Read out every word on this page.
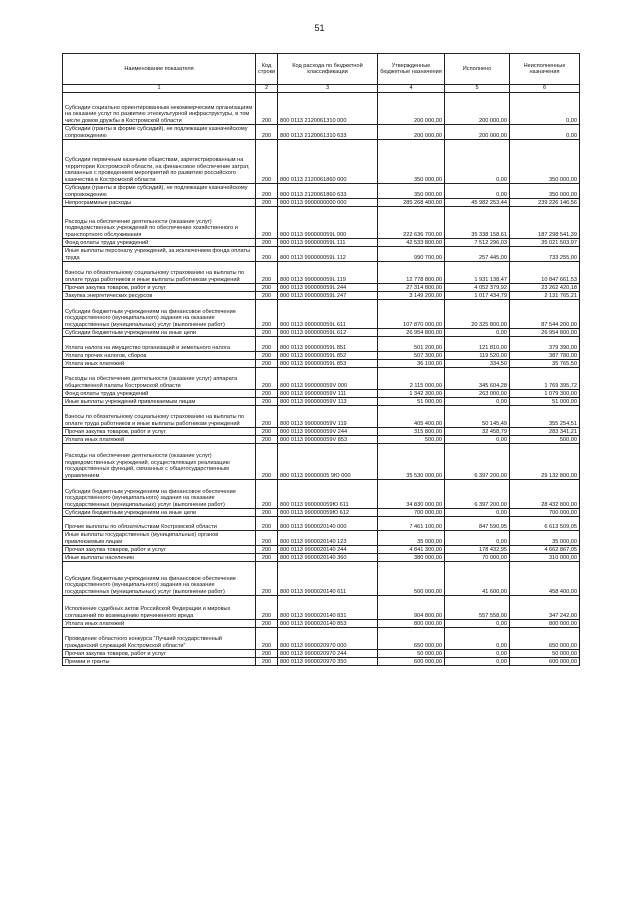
51
Наименование показателя	Код строки	Код расхода по бюджетной классификации	Утвержденные бюджетные назначения	Исполнено	Неисполненные назначения
1	2	3	4	5	6
Субсидии социально ориентированным некоммерческим организациям на оказание услуг по развитию этнокультурной инфраструктуры, в том числе домов дружбы в Костромской области	200	800 0113 2120061310 000	200 000,00	200 000,00	0,00
Субсидии (гранты в форме субсидий), не подлежащие казначейскому сопровождению	200	800 0113 2120061310 633	200 000,00	200 000,00	0,00
Субсидии первичным казачьим обществам, зарегистрированным на территории Костромской области, на финансовое обеспечение затрат, связанных с проведением мероприятий по развитию российского казачества в Костромской области	200	800 0113 2120061860 000	350 000,00	0,00	350 000,00
Субсидии (гранты в форме субсидий), не подлежащие казначейскому сопровождению	200	800 0113 2120061860 633	350 000,00	0,00	350 000,00
Непрограммные расходы	200	800 0113 9900000000 000	285 268 400,00	45 982 253,44	239 226 146,56
Расходы на обеспечение деятельности (оказание услуг) подведомственных учреждений по обеспечению хозяйственного и транспортного обслуживания	200	800 0113 990000059L 000	222 636 700,00	35 338 158,61	187 298 541,39
Фонд оплаты труда учреждений	200	800 0113 990000059L 111	42 533 800,00	7 512 296,03	35 021 503,97
Иные выплаты персоналу учреждений, за исключением фонда оплаты труда	200	800 0113 990000059L 112	990 700,00	257 445,00	733 255,00
Взносы по обязательному социальному страхованию на выплаты по оплате труда работников и иные выплаты работникам учреждений	200	800 0113 990000059L 119	12 778 800,00	1 931 138,47	10 847 661,53
Прочая закупка товаров, работ и услуг	200	800 0113 990000059L 244	27 314 800,00	4 052 379,92	23 262 420,18
Закупка энергетических ресурсов	200	800 0113 990000059L 247	3 149 200,00	1 017 434,79	2 131 765,21
Субсидии бюджетным учреждениям на финансовое обеспечение государственного (муниципального) задания на оказание государственных (муниципальных) услуг (выполнение работ)	200	800 0113 990000059L 611	107 870 000,00	20 325 800,00	87 544 200,00
Субсидии бюджетным учреждениям на иные цели	200	800 0113 990000059L 612	26 954 800,00	0,00	26 954 800,00
Уплата налога на имущество организаций и земельного налога	200	800 0113 990000059L 851	501 200,00	121 810,00	379 390,00
Уплата прочих налогов, сборов	200	800 0113 990000059L 852	507 300,00	119 520,00	387 780,00
Уплата иных платежей	200	800 0113 990000059L 853	36 100,00	334,50	35 765,50
Расходы на обеспечение деятельности (оказание услуг) аппарата общественной палаты Костромской области	200	800 0113 990000059V 000	2 115 000,00	345 604,28	1 769 395,72
Фонд оплаты труда учреждений	200	800 0113 990000059V 111	1 342 300,00	263 000,00	1 079 300,00
Иные выплаты учреждений привлекаемым лицам	200	800 0113 990000059V 113	51 000,00	0,00	51 000,00
Взносы по обязательному социальному страхованию на выплаты по оплате труда работников и иные выплаты работникам учреждений	200	800 0113 990000059V 119	405 400,00	50 145,49	355 254,51
Прочая закупка товаров, работ и услуг	200	800 0113 990000059V 244	315 800,00	32 458,79	283 341,21
Уплата иных платежей	200	800 0113 990000059V 853	500,00	0,00	500,00
Расходы на обеспечение деятельности (оказание услуг) подведомственных учреждений, осуществляющих реализацию государственных функций, связанных с общегосударственным управлением	200	800 0113 99000005 9Ю 000	35 530 000,00	6 397 200,00	29 132 800,00
Субсидии бюджетным учреждениям на финансовое обеспечение государственного (муниципального) задания на оказание государственных (муниципальных) услуг (выполнение работ)	200	800 0113 990000059Ю 611	34 830 000,00	6 397 200,00	28 432 800,00
Субсидии бюджетным учреждениям на иные цели	200	800 0113 990000059Ю 612	700 000,00	0,00	700 000,00
Прочие выплаты по обязательствам Костромской области	200	800 0113 9900020140 000	7 461 100,00	847 590,95	6 613 509,05
Иные выплаты государственных (муниципальных) органов привлекаемым лицам	200	800 0113 9900020140 123	35 000,00	0,00	35 000,00
Прочая закупка товаров, работ и услуг	200	800 0113 9900020140 244	4 841 300,00	178 432,95	4 662 867,05
Иные выплаты населению	200	800 0113 9900020140 360	380 000,00	70 000,00	310 000,00
Субсидии бюджетным учреждениям на финансовое обеспечение государственного (муниципального) задания на оказание государственных (муниципальных) услуг (выполнение работ)	200	800 0113 9900020140 611	500 000,00	41 600,00	458 400,00
Исполнение судебных актов Российской Федерации и мировых соглашений по возмещению причиненного вреда	200	800 0113 9900020140 831	904 800,00	557 558,00	347 242,00
Уплата иных платежей	200	800 0113 9900020140 853	800 000,00	0,00	800 000,00
Проведение областного конкурса "Лучший государственный гражданский служащий Костромской области"	200	800 0113 9900020970 000	650 000,00	0,00	650 000,00
Прочая закупка товаров, работ и услуг	200	800 0113 9900020970 244	50 000,00	0,00	50 000,00
Премии и гранты	200	800 0113 9900020970 350	600 000,00	0,00	600 000,00
